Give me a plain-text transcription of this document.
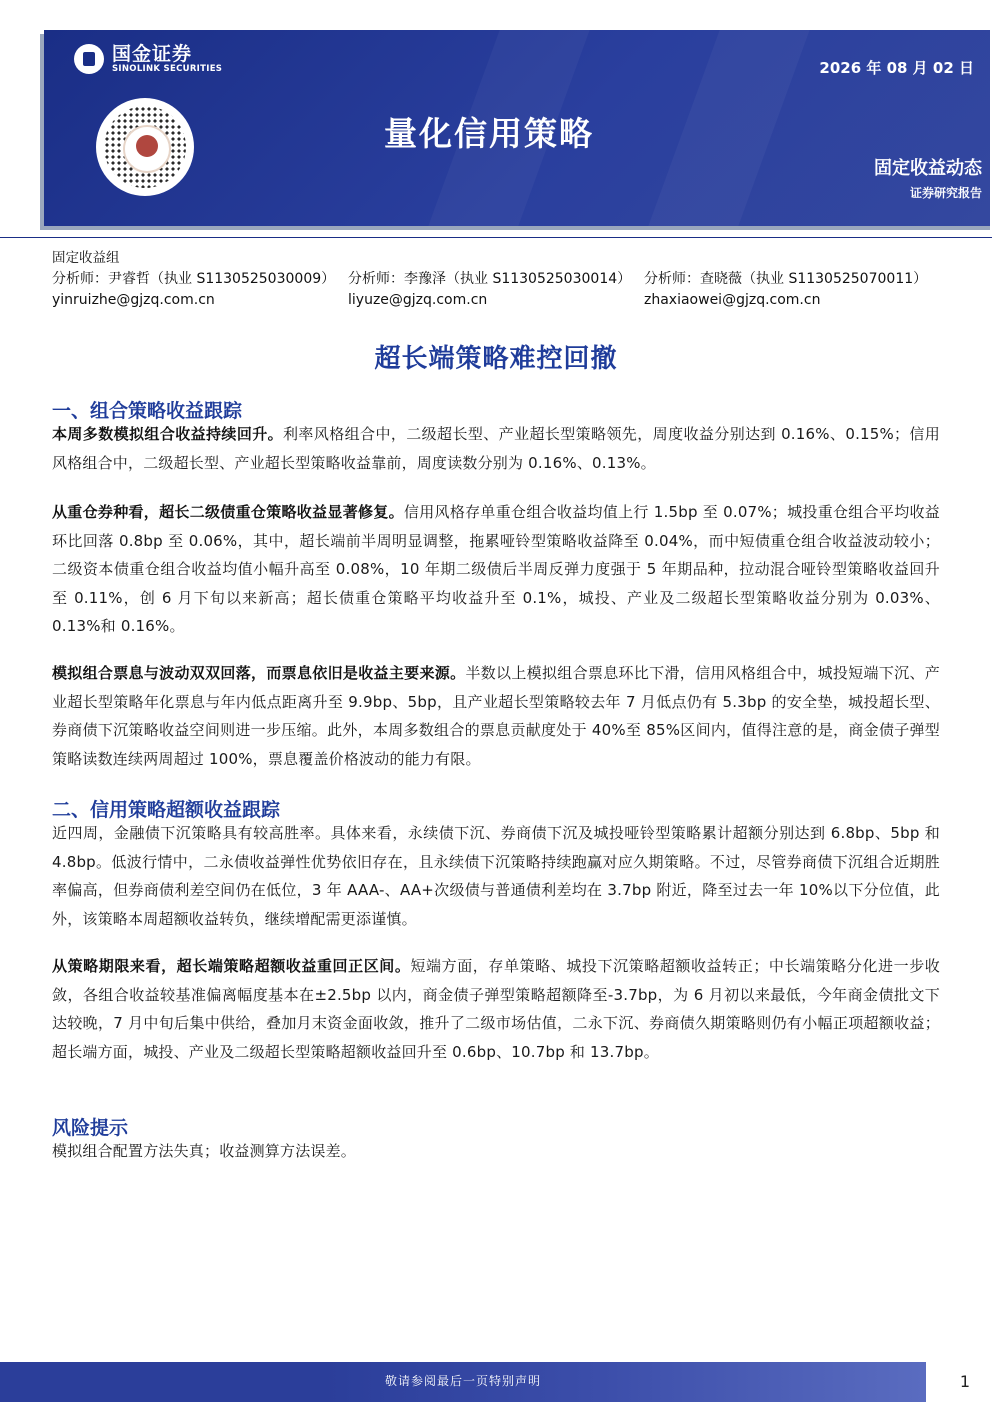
国金证券
SINOLINK SECURITIES
量化信用策略
2026 年 08 月 02 日
固定收益动态
证券研究报告
固定收益组
分析师：尹睿哲（执业 S1130525030009） 分析师：李豫泽（执业 S1130525030014） 分析师：查晓薇（执业 S1130525070011）
yinruizhe@gjzq.com.cn	liyuze@gjzq.com.cn	zhaxiaowei@gjzq.com.cn
超长端策略难控回撤
一、组合策略收益跟踪
本周多数模拟组合收益持续回升。利率风格组合中，二级超长型、产业超长型策略领先，周度收益分别达到 0.16%、0.15%；信用风格组合中，二级超长型、产业超长型策略收益靠前，周度读数分别为 0.16%、0.13%。
从重仓券种看，超长二级债重仓策略收益显著修复。信用风格存单重仓组合收益均值上行 1.5bp 至 0.07%；城投重仓组合平均收益环比回落 0.8bp 至 0.06%，其中，超长端前半周明显调整，拖累哑铃型策略收益降至 0.04%，而中短债重仓组合收益波动较小；二级资本债重仓组合收益均值小幅升高至 0.08%，10 年期二级债后半周反弹力度强于 5 年期品种，拉动混合哑铃型策略收益回升至 0.11%，创 6 月下旬以来新高；超长债重仓策略平均收益升至 0.1%，城投、产业及二级超长型策略收益分别为 0.03%、0.13%和 0.16%。
模拟组合票息与波动双双回落，而票息依旧是收益主要来源。半数以上模拟组合票息环比下滑，信用风格组合中，城投短端下沉、产业超长型策略年化票息与年内低点距离升至 9.9bp、5bp，且产业超长型策略较去年 7 月低点仍有 5.3bp 的安全垫，城投超长型、券商债下沉策略收益空间则进一步压缩。此外，本周多数组合的票息贡献度处于 40%至 85%区间内，值得注意的是，商金债子弹型策略读数连续两周超过 100%，票息覆盖价格波动的能力有限。
二、信用策略超额收益跟踪
近四周，金融债下沉策略具有较高胜率。具体来看，永续债下沉、券商债下沉及城投哑铃型策略累计超额分别达到 6.8bp、5bp 和 4.8bp。低波行情中，二永债收益弹性优势依旧存在，且永续债下沉策略持续跑赢对应久期策略。不过，尽管券商债下沉组合近期胜率偏高，但券商债利差空间仍在低位，3 年 AAA-、AA+次级债与普通债利差均在 3.7bp 附近，降至过去一年 10%以下分位值，此外，该策略本周超额收益转负，继续增配需更添谨慎。
从策略期限来看，超长端策略超额收益重回正区间。短端方面，存单策略、城投下沉策略超额收益转正；中长端策略分化进一步收敛，各组合收益较基准偏离幅度基本在±2.5bp 以内，商金债子弹型策略超额降至-3.7bp，为 6 月初以来最低，今年商金债批文下达较晚，7 月中旬后集中供给，叠加月末资金面收敛，推升了二级市场估值，二永下沉、券商债久期策略则仍有小幅正项超额收益；超长端方面，城投、产业及二级超长型策略超额收益回升至 0.6bp、10.7bp 和 13.7bp。
风险提示
模拟组合配置方法失真；收益测算方法误差。
敬请参阅最后一页特别声明	1
